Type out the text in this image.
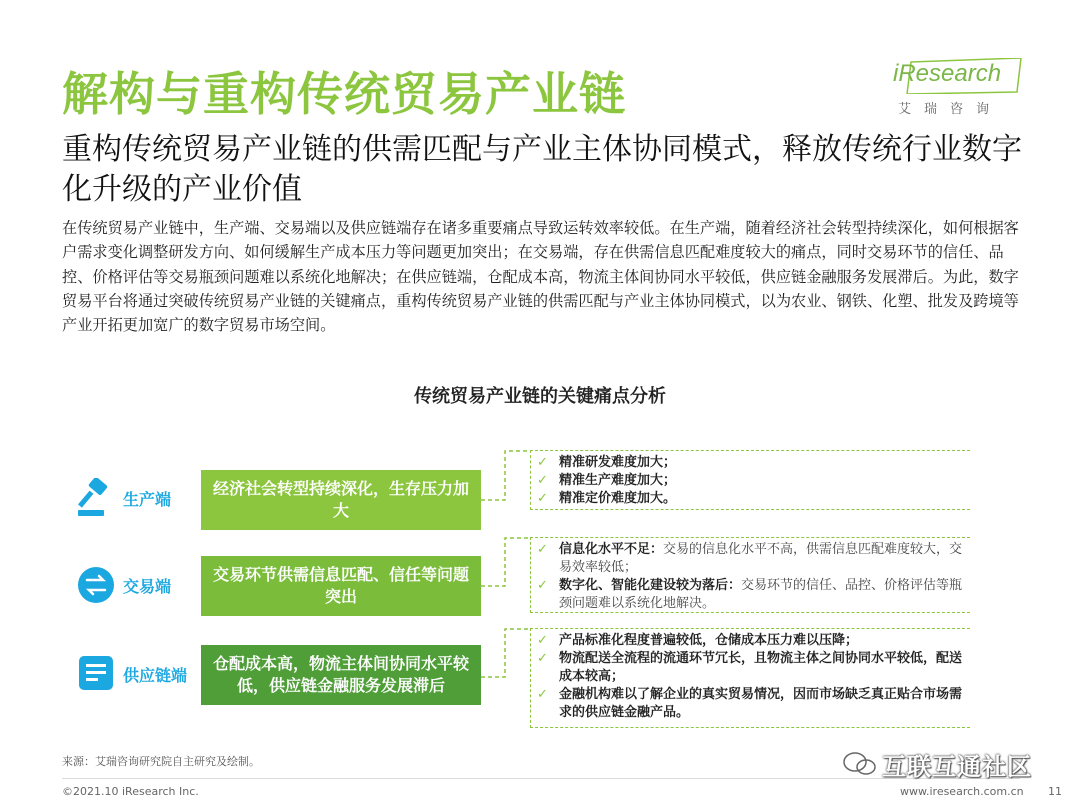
解构与重构传统贸易产业链	iResearch
艾瑞咨询
重构传统贸易产业链的供需匹配与产业主体协同模式，释放传统行业数字化升级的产业价值
在传统贸易产业链中，生产端、交易端以及供应链端存在诸多重要痛点导致运转效率较低。在生产端，随着经济社会转型持续深化，如何根据客户需求变化调整研发方向、如何缓解生产成本压力等问题更加突出；在交易端，存在供需信息匹配难度较大的痛点，同时交易环节的信任、品控、价格评估等交易瓶颈问题难以系统化地解决；在供应链端，仓配成本高，物流主体间协同水平较低，供应链金融服务发展滞后。为此，数字贸易平台将通过突破传统贸易产业链的关键痛点，重构传统贸易产业链的供需匹配与产业主体协同模式，以为农业、钢铁、化塑、批发及跨境等产业开拓更加宽广的数字贸易市场空间。
传统贸易产业链的关键痛点分析
生产端
经济社会转型持续深化，生存压力加大
✓ 精准研发难度加大；
✓ 精准生产难度加大；
✓ 精准定价难度加大。
交易端
交易环节供需信息匹配、信任等问题突出
✓ 信息化水平不足：交易的信息化水平不高，供需信息匹配难度较大，交易效率较低；
✓ 数字化、智能化建设较为落后：交易环节的信任、品控、价格评估等瓶颈问题难以系统化地解决。
供应链端
仓配成本高，物流主体间协同水平较低，供应链金融服务发展滞后
✓ 产品标准化程度普遍较低，仓储成本压力难以压降；
✓ 物流配送全流程的流通环节冗长，且物流主体之间协同水平较低，配送成本较高；
✓ 金融机构难以了解企业的真实贸易情况，因而市场缺乏真正贴合市场需求的供应链金融产品。
来源：艾瑞咨询研究院自主研究及绘制。
©2021.10 iResearch Inc.	www.iresearch.com.cn 11
互联互通社区
